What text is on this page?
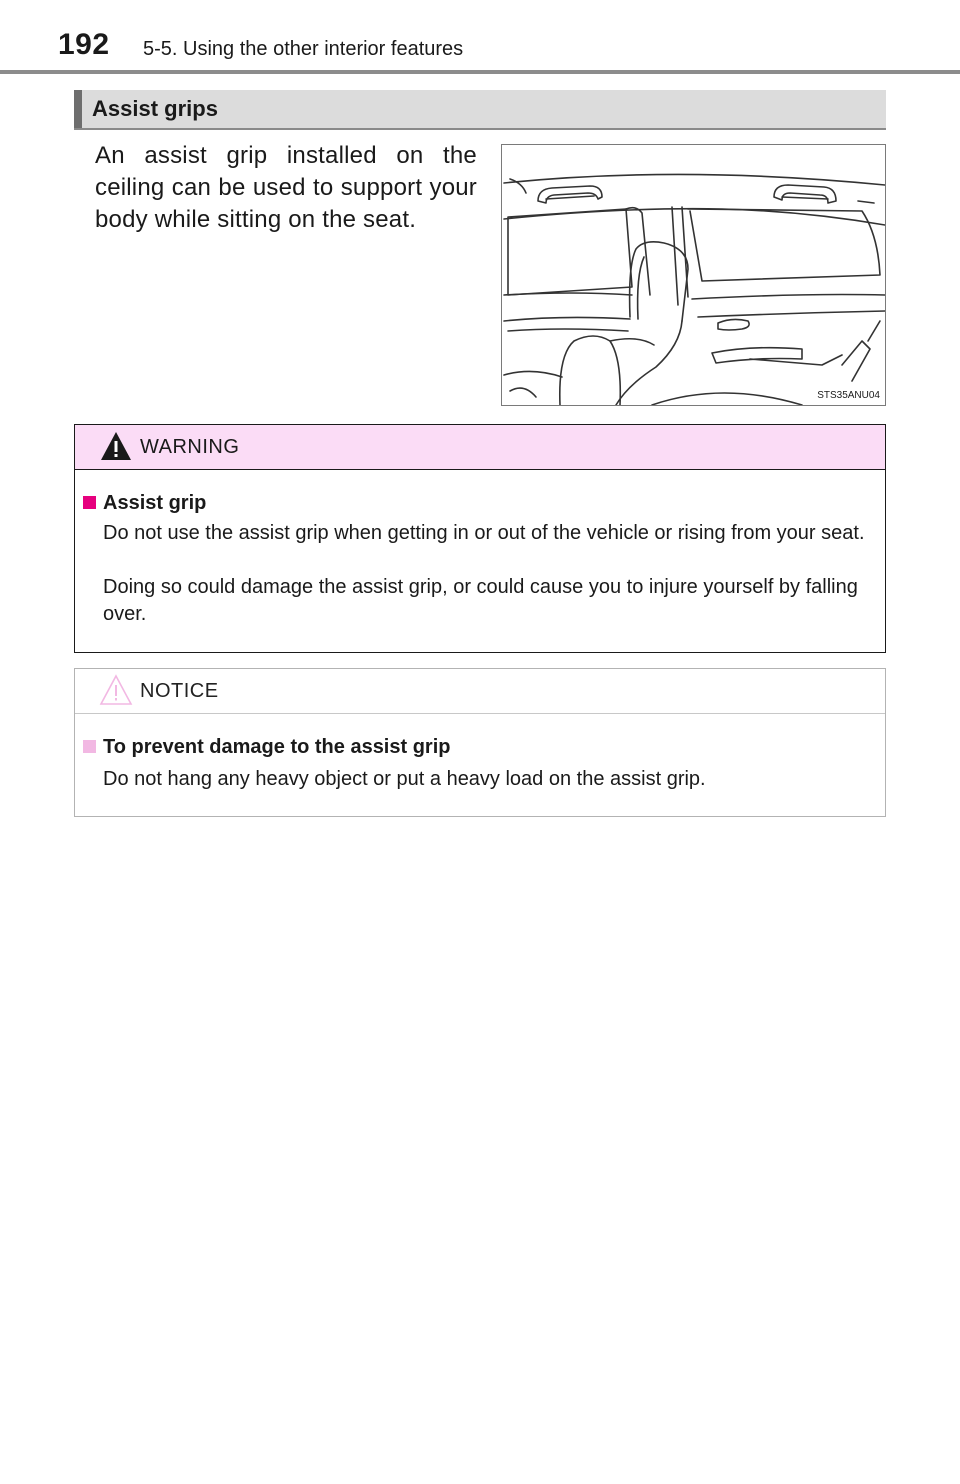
192 5-5. Using the other interior features
Assist grips

An assist grip installed on the ceiling can be used to support your body while sitting on the seat.

STS35ANU04
WARNING
Assist grip

Do not use the assist grip when getting in or out of the vehicle or rising from your seat.

Doing so could damage the assist grip, or could cause you to injure yourself by falling over.

NOTICE
To prevent damage to the assist grip

Do not hang any heavy object or put a heavy load on the assist grip.
